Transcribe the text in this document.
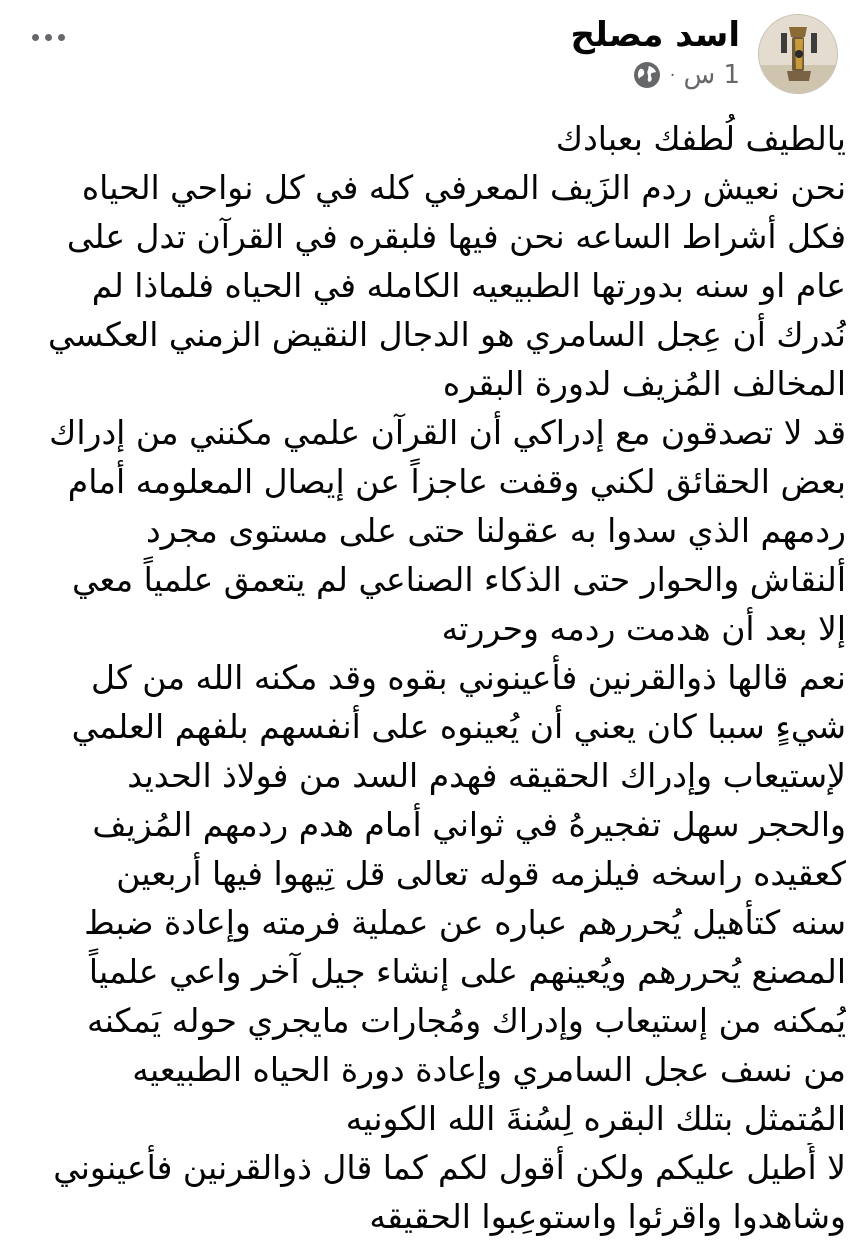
اسد مصلح
1 س
·
يالطيف لُطفك بعبادك
نحن نعيش ردم الزَيف المعرفي كله في كل نواحي الحياه
فكل أشراط الساعه نحن فيها فلبقره في القرآن تدل على
عام او سنه بدورتها الطبيعيه الكامله في الحياه فلماذا لم
نُدرك أن عِجل السامري هو الدجال النقيض الزمني العكسي
المخالف المُزيف لدورة البقره
قد لا تصدقون مع إدراكي أن القرآن علمي مكنني من إدراك
بعض الحقائق لكني وقفت عاجزاً عن إيصال المعلومه أمام
ردمهم الذي سدوا به عقولنا حتى على مستوى مجرد
ألنقاش والحوار حتى الذكاء الصناعي لم يتعمق علمياً معي
إلا بعد أن هدمت ردمه وحررته
نعم قالها ذوالقرنين فأعينوني بقوه وقد مكنه الله من كل
شيءٍ سببا كان يعني أن يُعينوه على أنفسهم بلفهم العلمي
لإستيعاب وإدراك الحقيقه فهدم السد من فولاذ الحديد
والحجر سهل تفجيرهُ في ثواني أمام هدم ردمهم المُزيف
كعقيده راسخه فيلزمه قوله تعالى قل تِيهوا فيها أربعين
سنه كتأهيل يُحررهم عباره عن عملية فرمته وإعادة ضبط
المصنع يُحررهم ويُعينهم على إنشاء جيل آخر واعي علمياً
يُمكنه من إستيعاب وإدراك ومُجارات مايجري حوله يَمكنه
من نسف عجل السامري وإعادة دورة الحياه الطبيعيه
المُتمثل بتلك البقره لِسُنةَ الله الكونيه
لا أُطيل عليكم ولكن أقول لكم كما قال ذوالقرنين فأعينوني
وشاهدوا واقرئوا واستوعِبوا الحقيقه
